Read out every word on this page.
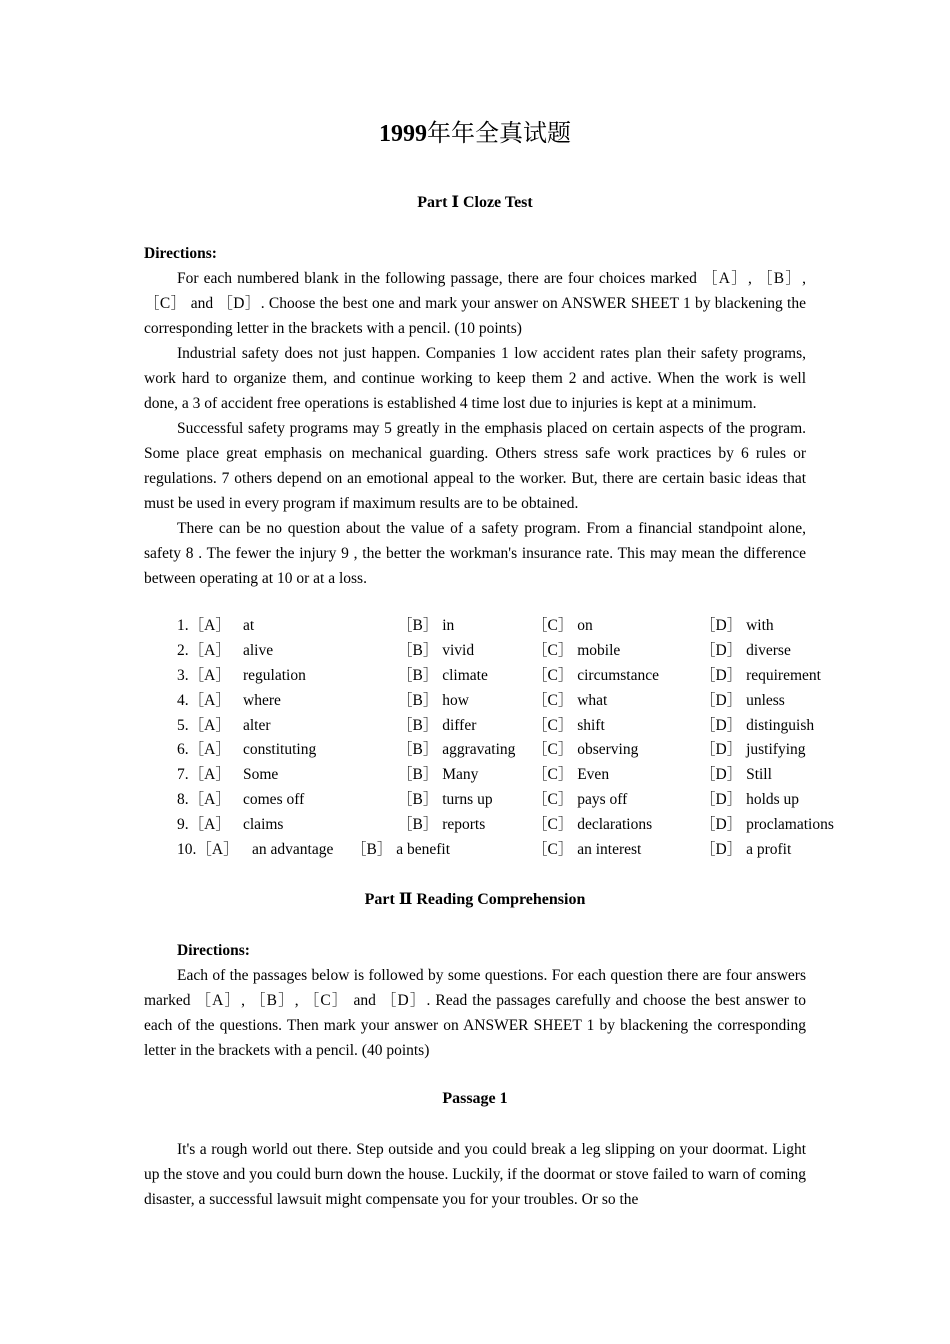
1999年年全真试题
Part Ⅰ Cloze Test

Directions:

For each numbered blank in the following passage, there are four choices marked ［A］, ［B］, ［C］ and ［D］. Choose the best one and mark your answer on ANSWER SHEET 1 by blackening the corresponding letter in the brackets with a pencil. (10 points)

Industrial safety does not just happen. Companies 1 low accident rates plan their safety programs, work hard to organize them, and continue working to keep them 2 and active. When the work is well done, a 3 of accident free operations is established 4 time lost due to injuries is kept at a minimum.

Successful safety programs may 5 greatly in the emphasis placed on certain aspects of the program. Some place great emphasis on mechanical guarding. Others stress safe work practices by 6 rules or regulations. 7 others depend on an emotional appeal to the worker. But, there are certain basic ideas that must be used in every program if maximum results are to be obtained.

There can be no question about the value of a safety program. From a financial standpoint alone, safety 8 . The fewer the injury 9 , the better the workman's insurance rate. This may mean the difference between operating at 10 or at a loss.

1.［A］ at	［B］ in	［C］ on	［D］ with
2.［A］ alive	［B］ vivid	［C］ mobile	［D］ diverse
3.［A］ regulation	［B］ climate	［C］ circumstance	［D］ requirement
4.［A］ where	［B］ how	［C］ what	［D］ unless
5.［A］ alter	［B］ differ	［C］ shift	［D］ distinguish
6.［A］ constituting	［B］ aggravating ［C］ observing	［D］ justifying
7.［A］ Some	［B］ Many	［C］ Even	［D］ Still
8.［A］ comes off	［B］ turns up	［C］ pays off	［D］ holds up
9.［A］ claims	［B］ reports	［C］ declarations	［D］ proclamations
10.［A］ an advantage ［B］ a benefit	［C］ an interest	［D］ a profit
Part Ⅱ Reading Comprehension

Directions:

Each of the passages below is followed by some questions. For each question there are four answers marked ［A］, ［B］, ［C］ and ［D］. Read the passages carefully and choose the best answer to each of the questions. Then mark your answer on ANSWER SHEET 1 by blackening the corresponding letter in the brackets with a pencil. (40 points)

Passage 1

It's a rough world out there. Step outside and you could break a leg slipping on your doormat. Light up the stove and you could burn down the house. Luckily, if the doormat or stove failed to warn of coming disaster, a successful lawsuit might compensate you for your troubles. Or so the
